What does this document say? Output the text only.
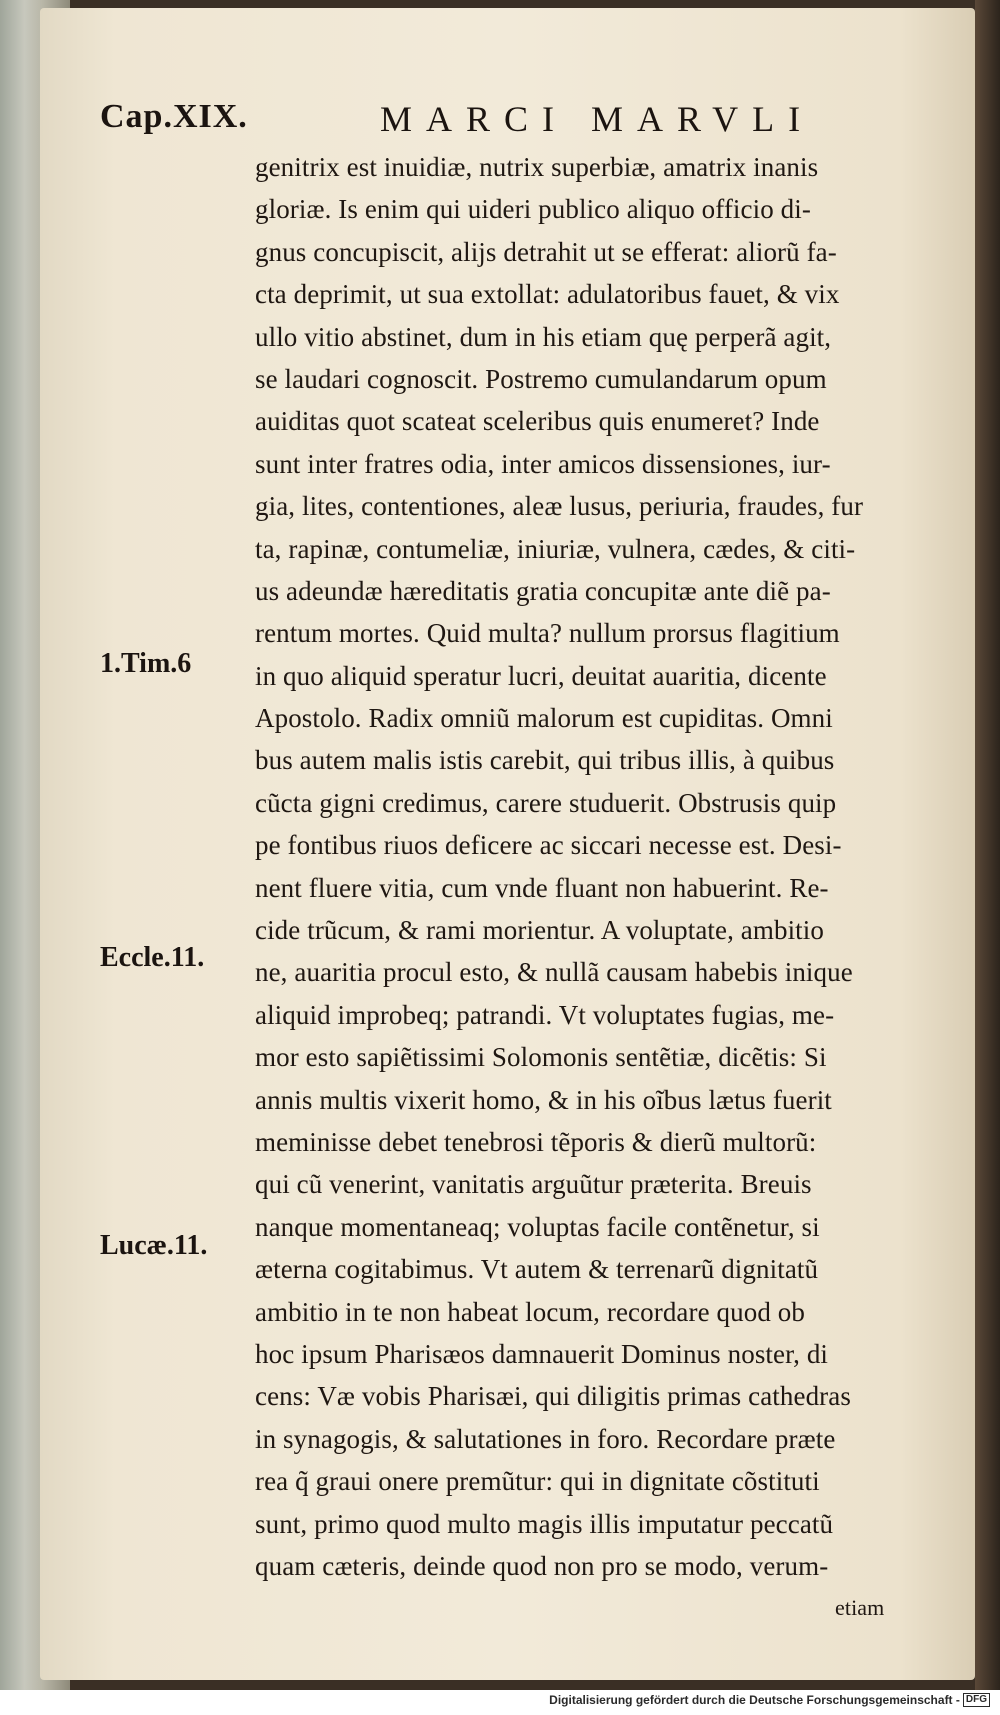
Cap.XIX.	MARCI MARVLI
1.Tim.6
Eccle.11.
Lucæ.11.
genitrix est inuidiæ, nutrix superbiæ, amatrix inanis
gloriæ. Is enim qui uideri publico aliquo officio di-
gnus concupiscit, alijs detrahit ut se efferat: aliorũ fa-
cta deprimit, ut sua extollat: adulatoribus fauet, & vix
ullo vitio abstinet, dum in his etiam quę perperã agit,
se laudari cognoscit. Postremo cumulandarum opum
auiditas quot scateat sceleribus quis enumeret? Inde
sunt inter fratres odia, inter amicos dissensiones, iur-
gia, lites, contentiones, aleæ lusus, periuria, fraudes, fur
ta, rapinæ, contumeliæ, iniuriæ, vulnera, cædes, & citi-
us adeundæ hæreditatis gratia concupitæ ante diẽ pa-
rentum mortes. Quid multa? nullum prorsus flagitium
in quo aliquid speratur lucri, deuitat auaritia, dicente
Apostolo. Radix omniũ malorum est cupiditas. Omni
bus autem malis istis carebit, qui tribus illis, à quibus
cũcta gigni credimus, carere studuerit. Obstrusis quip
pe fontibus riuos deficere ac siccari necesse est. Desi-
nent fluere vitia, cum vnde fluant non habuerint. Re-
cide trũcum, & rami morientur. A voluptate, ambitio
ne, auaritia procul esto, & nullã causam habebis inique
aliquid improbeq; patrandi. Vt voluptates fugias, me-
mor esto sapiẽtissimi Solomonis sentẽtiæ, dicẽtis: Si
annis multis vixerit homo, & in his oĩbus lætus fuerit
meminisse debet tenebrosi tẽporis & dierũ multorũ:
qui cũ venerint, vanitatis arguũtur præterita. Breuis
nanque momentaneaq; voluptas facile contẽnetur, si
æterna cogitabimus. Vt autem & terrenarũ dignitatũ
ambitio in te non habeat locum, recordare quod ob
hoc ipsum Pharisæos damnauerit Dominus noster, di
cens: Væ vobis Pharisæi, qui diligitis primas cathedras
in synagogis, & salutationes in foro. Recordare præte
rea q̃ graui onere premũtur: qui in dignitate cõstituti
sunt, primo quod multo magis illis imputatur peccatũ
quam cæteris, deinde quod non pro se modo, verum-
etiam
Digitalisierung gefördert durch die Deutsche Forschungsgemeinschaft - DFG
